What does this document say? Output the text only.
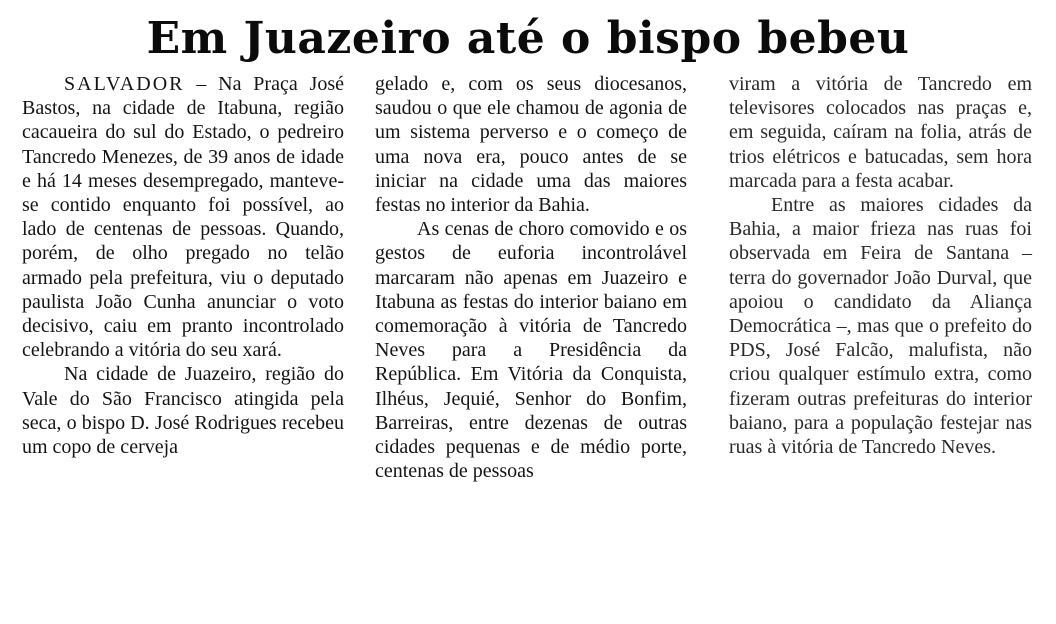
Em Juazeiro até o bispo bebeu

SALVADOR – Na Praça José Bastos, na cidade de Itabuna, região cacaueira do sul do Estado, o pedreiro Tancredo Menezes, de 39 anos de idade e há 14 meses desempregado, manteve-se contido enquanto foi possível, ao lado de centenas de pessoas. Quando, porém, de olho pregado no telão armado pela prefeitura, viu o deputado paulista João Cunha anunciar o voto decisivo, caiu em pranto incontrolado celebrando a vitória do seu xará.

Na cidade de Juazeiro, região do Vale do São Francisco atingida pela seca, o bispo D. José Rodrigues recebeu um copo de cerveja

gelado e, com os seus diocesanos, saudou o que ele chamou de agonia de um sistema perverso e o começo de uma nova era, pouco antes de se iniciar na cidade uma das maiores festas no interior da Bahia.

As cenas de choro comovido e os gestos de euforia incontrolável marcaram não apenas em Juazeiro e Itabuna as festas do interior baiano em comemoração à vitória de Tancredo Neves para a Presidência da República. Em Vitória da Conquista, Ilhéus, Jequié, Senhor do Bonfim, Barreiras, entre dezenas de outras cidades pequenas e de médio porte, centenas de pessoas

viram a vitória de Tancredo em televisores colocados nas praças e, em seguida, caíram na folia, atrás de trios elétricos e batucadas, sem hora marcada para a festa acabar.

Entre as maiores cidades da Bahia, a maior frieza nas ruas foi observada em Feira de Santana – terra do governador João Durval, que apoiou o candidato da Aliança Democrática –, mas que o prefeito do PDS, José Falcão, malufista, não criou qualquer estímulo extra, como fizeram outras prefeituras do interior baiano, para a população festejar nas ruas à vitória de Tancredo Neves.
